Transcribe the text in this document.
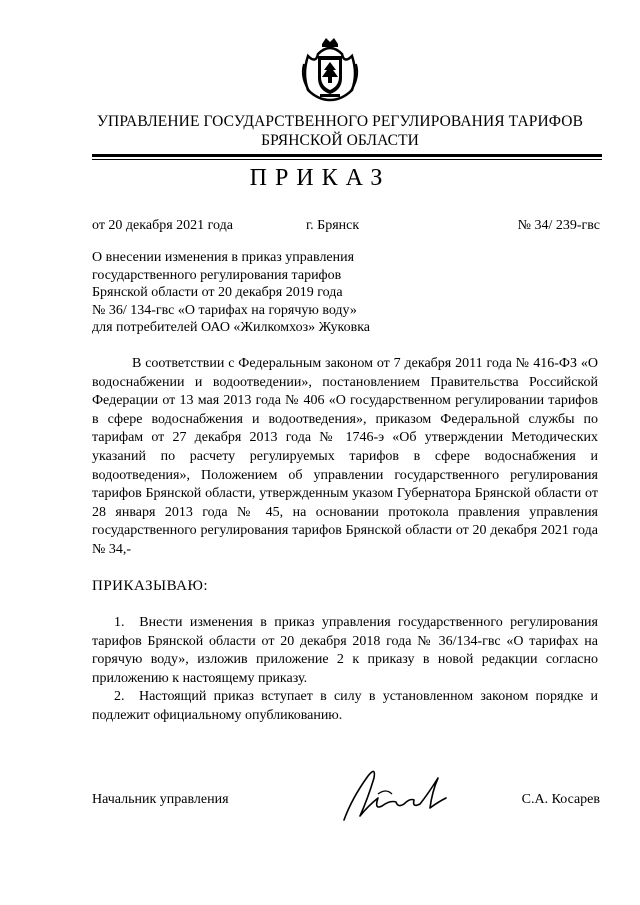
УПРАВЛЕНИЕ ГОСУДАРСТВЕННОГО РЕГУЛИРОВАНИЯ ТАРИФОВ
БРЯНСКОЙ ОБЛАСТИ
ПРИКАЗ
от 20 декабря 2021 года	г. Брянск	№ 34/ 239-гвс
О внесении изменения в приказ управления
государственного регулирования тарифов
Брянской области от 20 декабря 2019 года
№ 36/ 134-гвс «О тарифах на горячую воду»
для потребителей ОАО «Жилкомхоз» Жуковка
В соответствии с Федеральным законом от 7 декабря 2011 года № 416-ФЗ «О водоснабжении и водоотведении», постановлением Правительства Российской Федерации от 13 мая 2013 года № 406 «О государственном регулировании тарифов в сфере водоснабжения и водоотведения», приказом Федеральной службы по тарифам от 27 декабря 2013 года № 1746-э «Об утверждении Методических указаний по расчету регулируемых тарифов в сфере водоснабжения и водоотведения», Положением об управлении государственного регулирования тарифов Брянской области, утвержденным указом Губернатора Брянской области от 28 января 2013 года № 45, на основании протокола правления управления государственного регулирования тарифов Брянской области от 20 декабря 2021 года № 34,-
ПРИКАЗЫВАЮ:
1.  Внести изменения в приказ управления государственного регулирования тарифов Брянской области от 20 декабря 2018 года № 36/134-гвс «О тарифах на горячую воду», изложив приложение 2 к приказу в новой редакции согласно приложению к настоящему приказу.
2.  Настоящий приказ вступает в силу в установленном законом порядке и подлежит официальному опубликованию.
Начальник управления	С.А. Косарев
